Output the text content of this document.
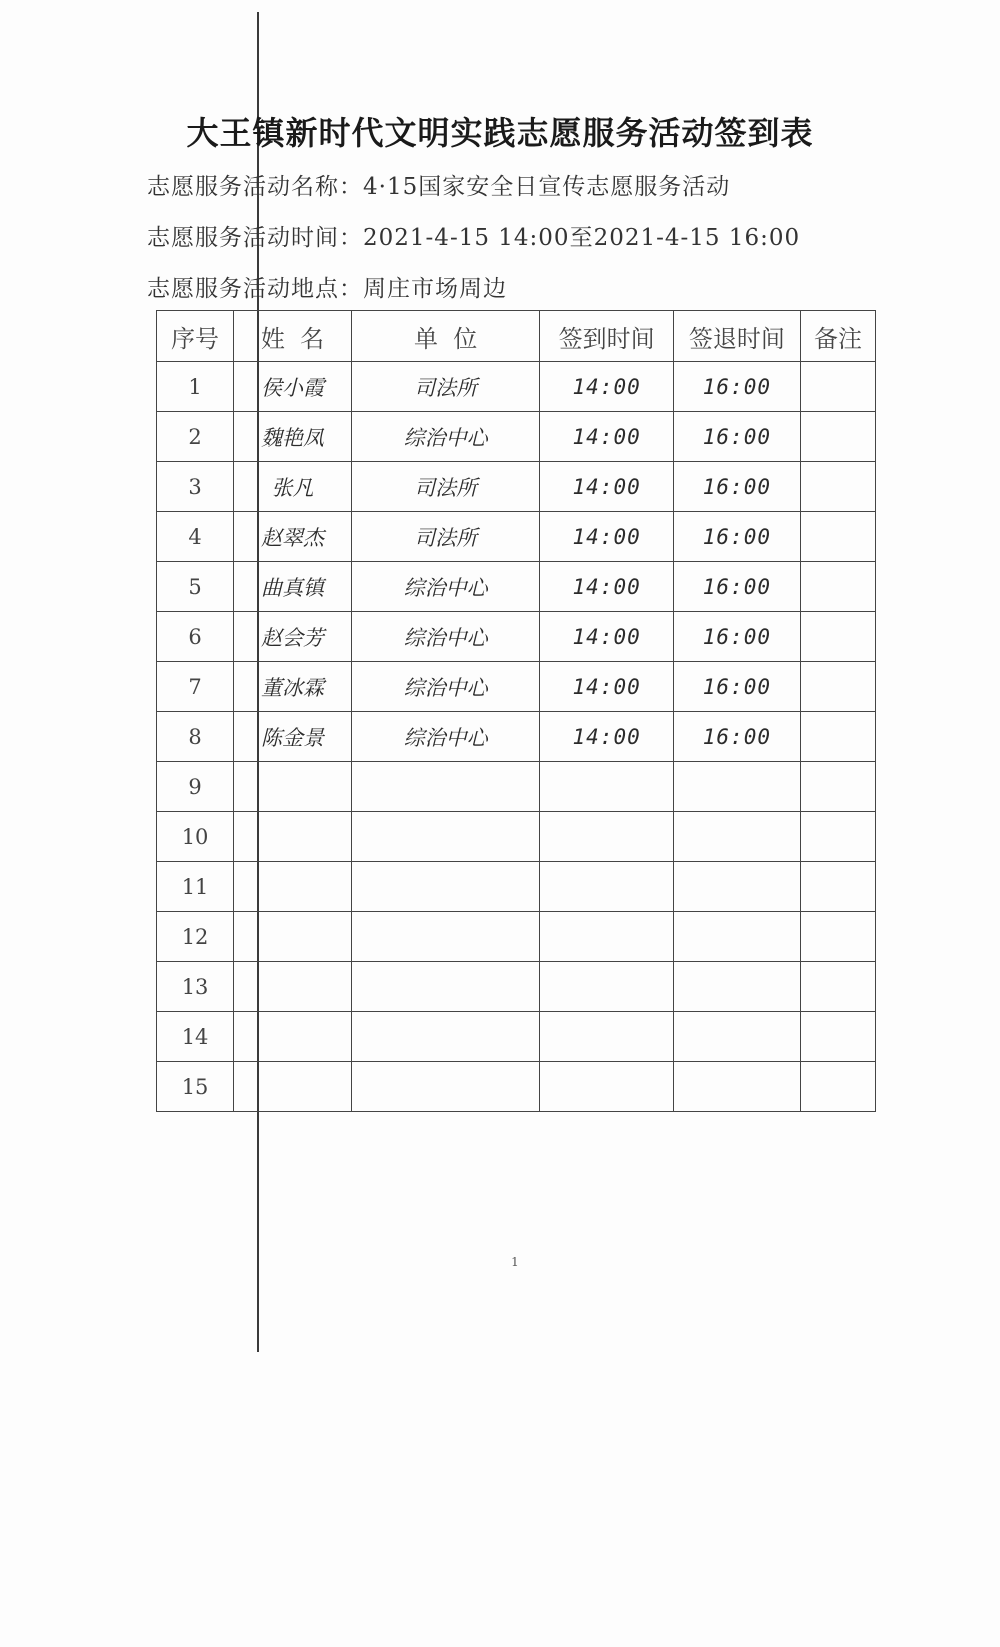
大王镇新时代文明实践志愿服务活动签到表
志愿服务活动名称：4·15国家安全日宣传志愿服务活动
志愿服务活动时间：2021-4-15 14:00至2021-4-15 16:00
志愿服务活动地点：周庄市场周边
序号	姓  名	单  位	签到时间	签退时间	备注
1	侯小霞	司法所	14:00	16:00	
2	魏艳凤	综治中心	14:00	16:00	
3	张凡	司法所	14:00	16:00	
4	赵翠杰	司法所	14:00	16:00	
5	曲真镇	综治中心	14:00	16:00	
6	赵会芳	综治中心	14:00	16:00	
7	董冰霖	综治中心	14:00	16:00	
8	陈金景	综治中心	14:00	16:00	
9					
10					
11					
12					
13					
14					
15					
1
